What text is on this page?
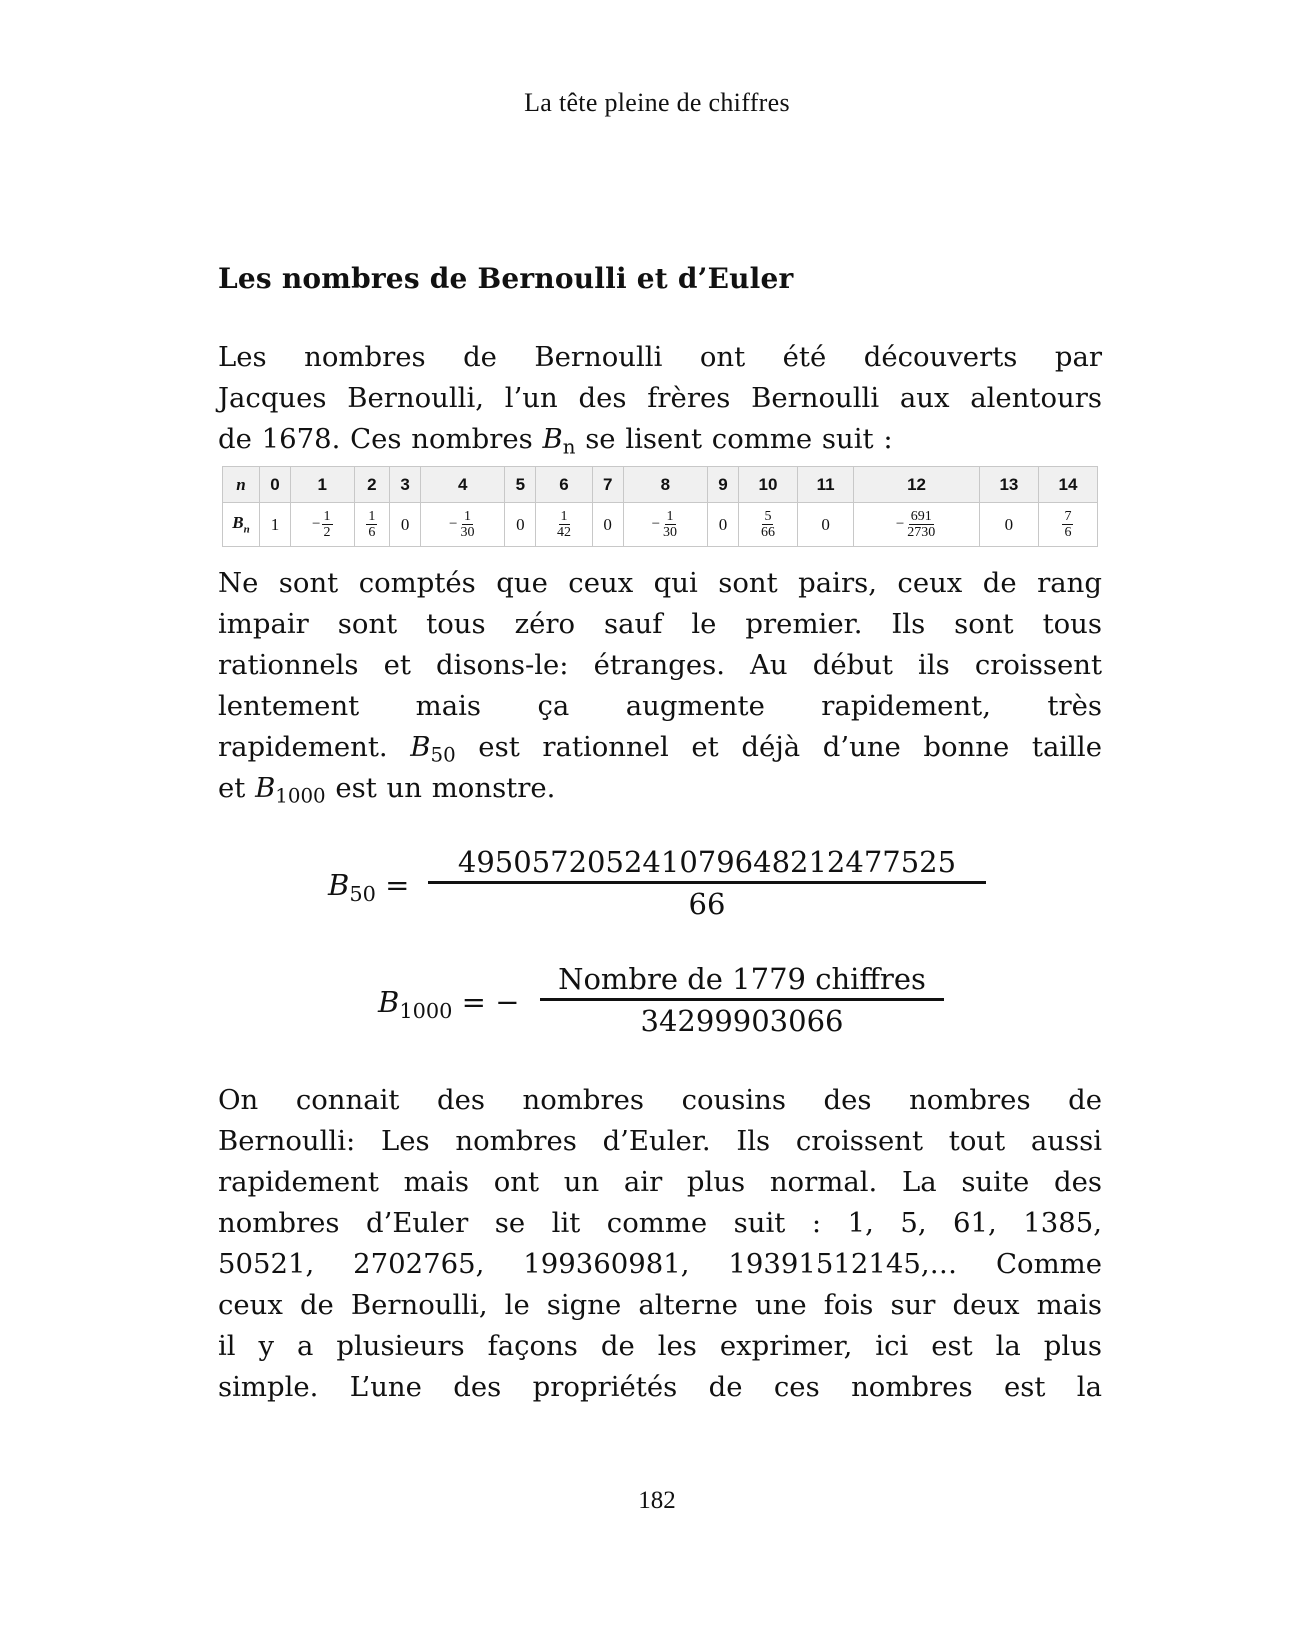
La tête pleine de chiffres
Les nombres de Bernoulli et d’Euler
Les nombres de Bernoulli ont été découverts par
Jacques Bernoulli, l’un des frères Bernoulli aux alentours
de 1678. Ces nombres $B_n$ se lisent comme suit :
n	0	1	2	3	4	5	6	7	8	9	10	11	12	13	14
$B_n$	1	− $\frac{1}{2}$	$\frac{1}{6}$	0	− $\frac{1}{30}$	0	$\frac{1}{42}$	0	− $\frac{1}{30}$	0	$\frac{5}{66}$	0	− $\frac{691}{2730}$	0	$\frac{7}{6}$
Ne sont comptés que ceux qui sont pairs, ceux de rang
impair sont tous zéro sauf le premier. Ils sont tous
rationnels et disons-le: étranges. Au début ils croissent
lentement mais ça augmente rapidement, très
rapidement. $B_{50}$ est rationnel et déjà d’une bonne taille
et $B_{1000}$ est un monstre.
$B_{50}$ =
495057205241079648212477525
66
$B_{1000}$ = −
Nombre de 1779 chiffres
34299903066
On connait des nombres cousins des nombres de
Bernoulli: Les nombres d’Euler. Ils croissent tout aussi
rapidement mais ont un air plus normal. La suite des
nombres d’Euler se lit comme suit : 1, 5, 61, 1385,
50521, 2702765, 199360981, 19391512145,… Comme
ceux de Bernoulli, le signe alterne une fois sur deux mais
il y a plusieurs façons de les exprimer, ici est la plus
simple. L’une des propriétés de ces nombres est la
182
